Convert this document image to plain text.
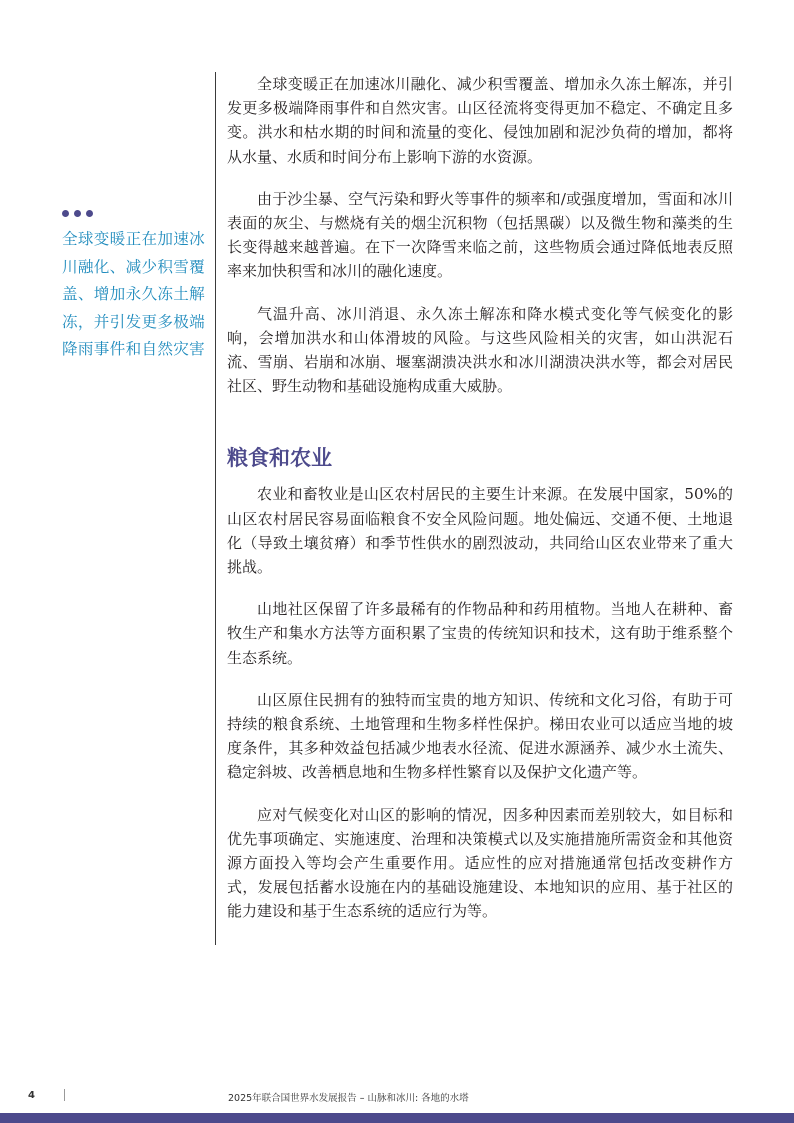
全球变暖正在加速冰川融化、减少积雪覆盖、增加永久冻土解冻，并引发更多极端降雨事件和自然灾害

全球变暖正在加速冰川融化、减少积雪覆盖、增加永久冻土解冻，并引发更多极端降雨事件和自然灾害。山区径流将变得更加不稳定、不确定且多变。洪水和枯水期的时间和流量的变化、侵蚀加剧和泥沙负荷的增加，都将从水量、水质和时间分布上影响下游的水资源。

由于沙尘暴、空气污染和野火等事件的频率和/或强度增加，雪面和冰川表面的灰尘、与燃烧有关的烟尘沉积物（包括黑碳）以及微生物和藻类的生长变得越来越普遍。在下一次降雪来临之前，这些物质会通过降低地表反照率来加快积雪和冰川的融化速度。

气温升高、冰川消退、永久冻土解冻和降水模式变化等气候变化的影响，会增加洪水和山体滑坡的风险。与这些风险相关的灾害，如山洪泥石流、雪崩、岩崩和冰崩、堰塞湖溃决洪水和冰川湖溃决洪水等，都会对居民社区、野生动物和基础设施构成重大威胁。

粮食和农业

农业和畜牧业是山区农村居民的主要生计来源。在发展中国家，50%的山区农村居民容易面临粮食不安全风险问题。地处偏远、交通不便、土地退化（导致土壤贫瘠）和季节性供水的剧烈波动，共同给山区农业带来了重大挑战。

山地社区保留了许多最稀有的作物品种和药用植物。当地人在耕种、畜牧生产和集水方法等方面积累了宝贵的传统知识和技术，这有助于维系整个生态系统。

山区原住民拥有的独特而宝贵的地方知识、传统和文化习俗，有助于可持续的粮食系统、土地管理和生物多样性保护。梯田农业可以适应当地的坡度条件，其多种效益包括减少地表水径流、促进水源涵养、减少水土流失、稳定斜坡、改善栖息地和生物多样性繁育以及保护文化遗产等。

应对气候变化对山区的影响的情况，因多种因素而差别较大，如目标和优先事项确定、实施速度、治理和决策模式以及实施措施所需资金和其他资源方面投入等均会产生重要作用。适应性的应对措施通常包括改变耕作方式，发展包括蓄水设施在内的基础设施建设、本地知识的应用、基于社区的能力建设和基于生态系统的适应行为等。

4	2025年联合国世界水发展报告 – 山脉和冰川: 各地的水塔
